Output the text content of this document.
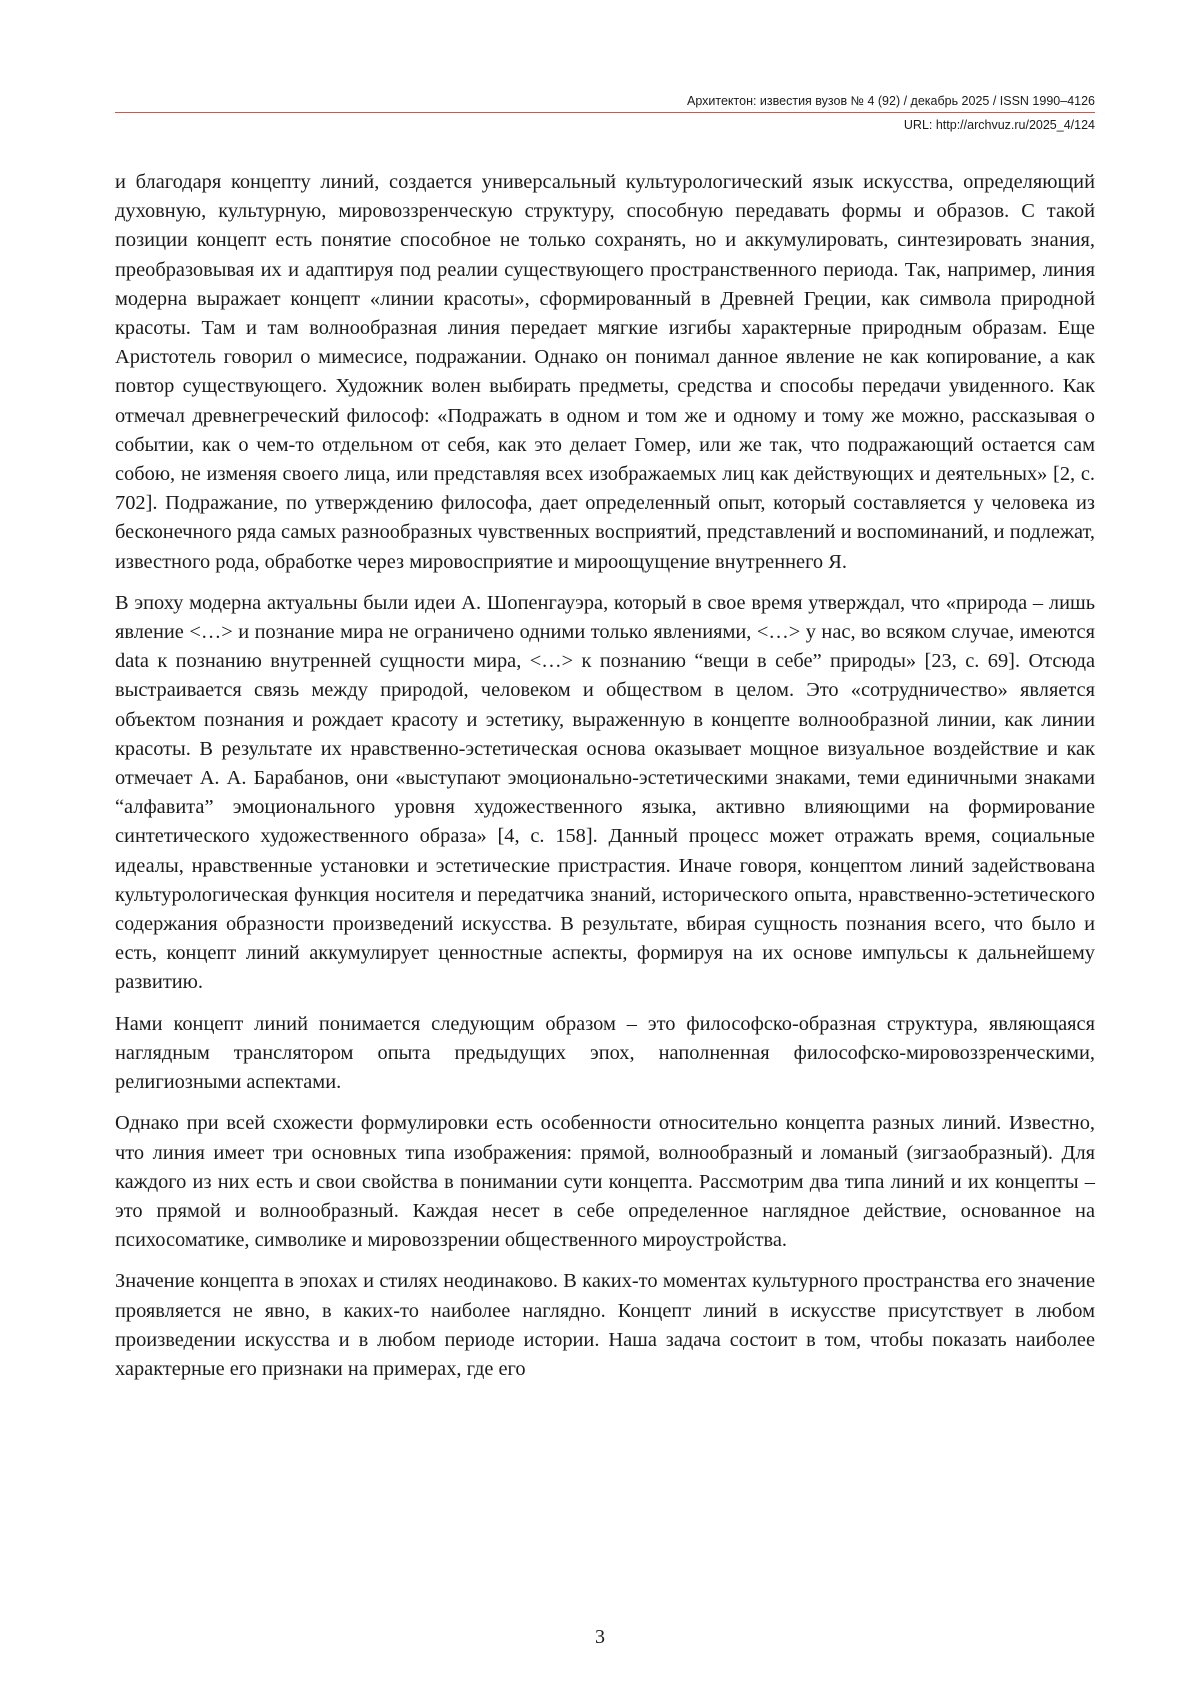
Архитектон: известия вузов № 4 (92) / декабрь 2025 / ISSN 1990–4126
URL: http://archvuz.ru/2025_4/124

и благодаря концепту линий, создается универсальный культурологический язык искусства, определяющий духовную, культурную, мировоззренческую структуру, способную передавать формы и образов. С такой позиции концепт есть понятие способное не только сохранять, но и аккумулировать, синтезировать знания, преобразовывая их и адаптируя под реалии существующего пространственного периода. Так, например, линия модерна выражает концепт «линии красоты», сформированный в Древней Греции, как символа природной красоты. Там и там волнообразная линия передает мягкие изгибы характерные природным образам. Еще Аристотель говорил о мимесисе, подражании. Однако он понимал данное явление не как копирование, а как повтор существующего. Художник волен выбирать предметы, средства и способы передачи увиденного. Как отмечал древнегреческий философ: «Подражать в одном и том же и одному и тому же можно, рассказывая о событии, как о чем-то отдельном от себя, как это делает Гомер, или же так, что подражающий остается сам собою, не изменяя своего лица, или представляя всех изображаемых лиц как действующих и деятельных» [2, с. 702]. Подражание, по утверждению философа, дает определенный опыт, который составляется у человека из бесконечного ряда самых разнообразных чувственных восприятий, представлений и воспоминаний, и подлежат, известного рода, обработке через мировосприятие и мироощущение внутреннего Я.

В эпоху модерна актуальны были идеи А. Шопенгауэра, который в свое время утверждал, что «природа – лишь явление <…> и познание мира не ограничено одними только явлениями, <…> у нас, во всяком случае, имеются data к познанию внутренней сущности мира, <…> к познанию “вещи в себе” природы» [23, с. 69]. Отсюда выстраивается связь между природой, человеком и обществом в целом. Это «сотрудничество» является объектом познания и рождает красоту и эстетику, выраженную в концепте волнообразной линии, как линии красоты. В результате их нравственно-эстетическая основа оказывает мощное визуальное воздействие и как отмечает А. А. Барабанов, они «выступают эмоционально-эстетическими знаками, теми единичными знаками “алфавита” эмоционального уровня художественного языка, активно влияющими на формирование синтетического художественного образа» [4, с. 158]. Данный процесс может отражать время, социальные идеалы, нравственные установки и эстетические пристрастия. Иначе говоря, концептом линий задействована культурологическая функция носителя и передатчика знаний, исторического опыта, нравственно-эстетического содержания образности произведений искусства. В результате, вбирая сущность познания всего, что было и есть, концепт линий аккумулирует ценностные аспекты, формируя на их основе импульсы к дальнейшему развитию.

Нами концепт линий понимается следующим образом – это философско-образная структура, являющаяся наглядным транслятором опыта предыдущих эпох, наполненная философско-мировоззренческими, религиозными аспектами.

Однако при всей схожести формулировки есть особенности относительно концепта разных линий. Известно, что линия имеет три основных типа изображения: прямой, волнообразный и ломаный (зигзаобразный). Для каждого из них есть и свои свойства в понимании сути концепта. Рассмотрим два типа линий и их концепты – это прямой и волнообразный. Каждая несет в себе определенное наглядное действие, основанное на психосоматике, символике и мировоззрении общественного мироустройства.

Значение концепта в эпохах и стилях неодинаково. В каких-то моментах культурного пространства его значение проявляется не явно, в каких-то наиболее наглядно. Концепт линий в искусстве присутствует в любом произведении искусства и в любом периоде истории. Наша задача состоит в том, чтобы показать наиболее характерные его признаки на примерах, где его

3
